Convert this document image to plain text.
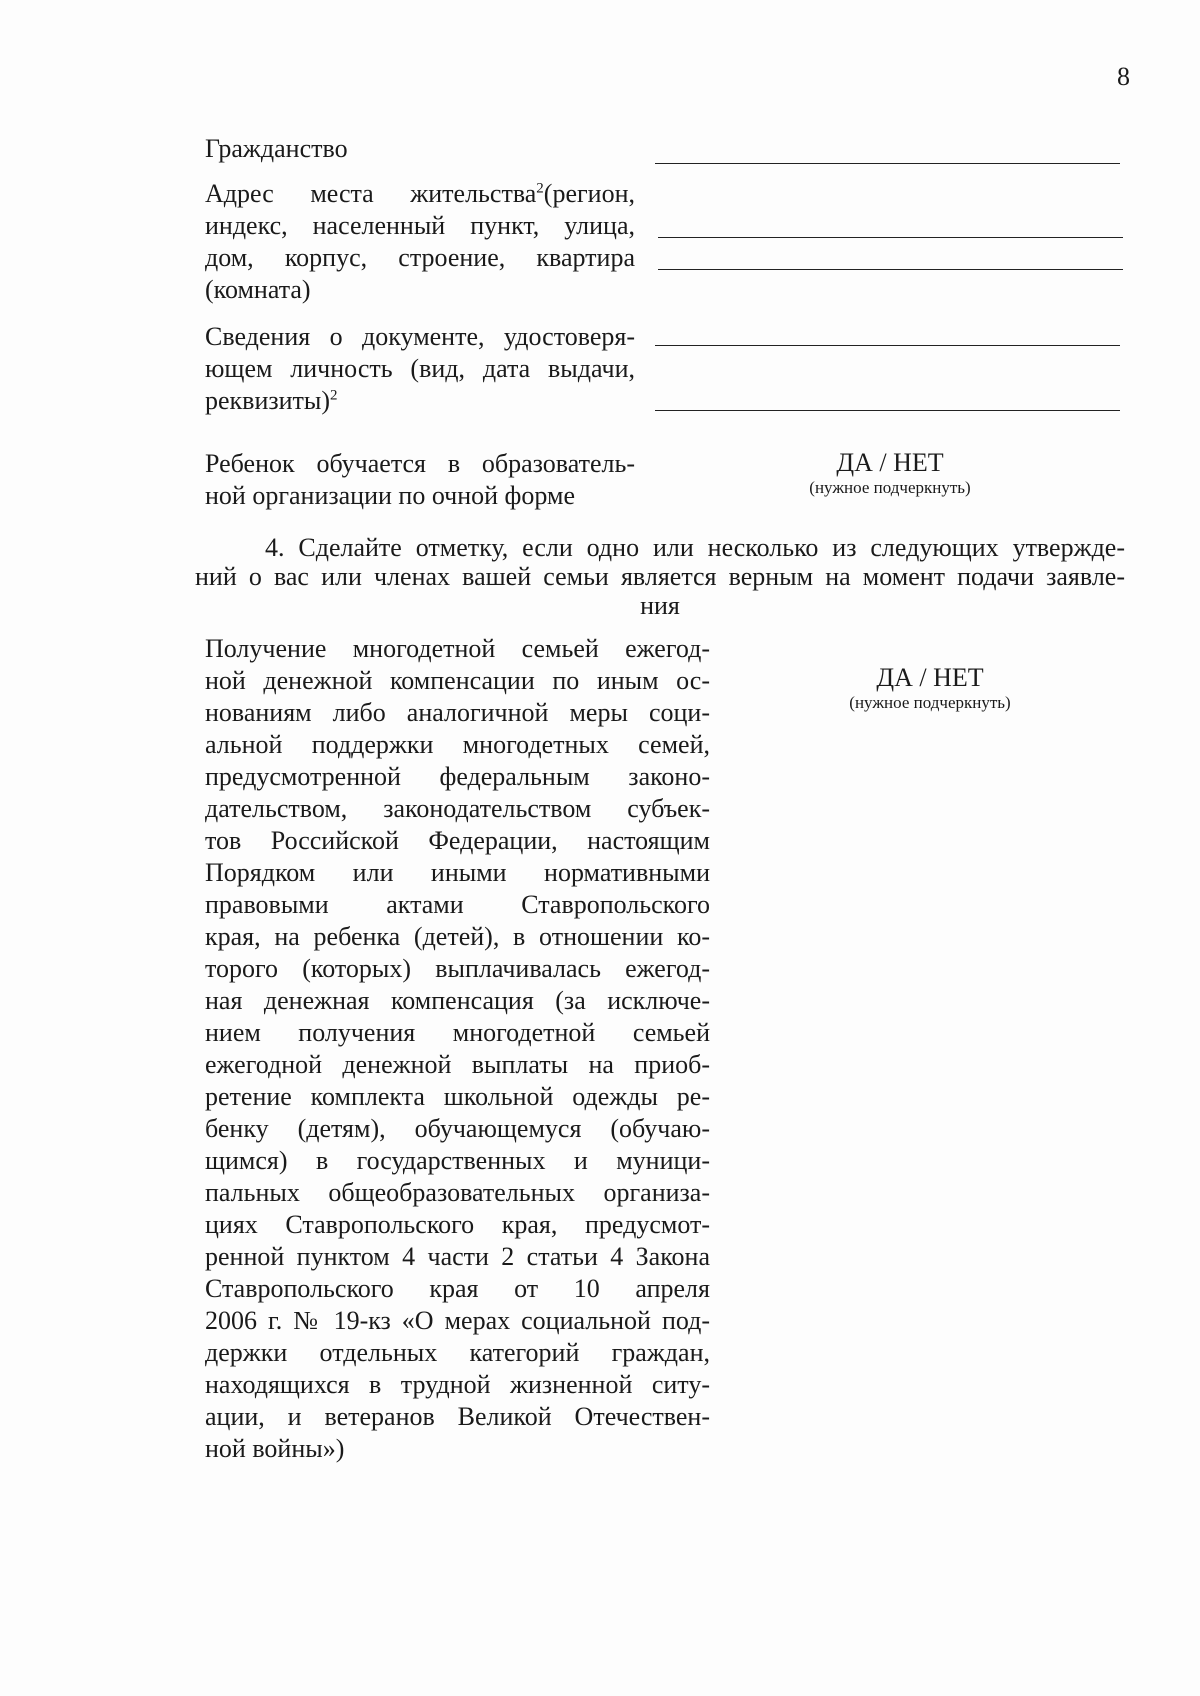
8
Гражданство
Адрес места жительства$^2$(регион,
индекс, населенный пункт, улица,
дом, корпус, строение, квартира
(комната)
Сведения о документе, удостоверя-
ющем личность (вид, дата выдачи,
реквизиты)$^2$
Ребенок обучается в образователь-
ной организации по очной форме
ДА / НЕТ
(нужное подчеркнуть)
4. Сделайте отметку, если одно или несколько из следующих утвержде-
ний о вас или членах вашей семьи является верным на момент подачи заявле-
ния
Получение многодетной семьей ежегод-
ной денежной компенсации по иным ос-
нованиям либо аналогичной меры соци-
альной поддержки многодетных семей,
предусмотренной федеральным законо-
дательством, законодательством субъек-
тов Российской Федерации, настоящим
Порядком или иными нормативными
правовыми актами Ставропольского
края, на ребенка (детей), в отношении ко-
торого (которых) выплачивалась ежегод-
ная денежная компенсация (за исключе-
нием получения многодетной семьей
ежегодной денежной выплаты на приоб-
ретение комплекта школьной одежды ре-
бенку (детям), обучающемуся (обучаю-
щимся) в государственных и муници-
пальных общеобразовательных организа-
циях Ставропольского края, предусмот-
ренной пунктом 4 части 2 статьи 4 Закона
Ставропольского края от 10 апреля
2006 г. № 19-кз «О мерах социальной под-
держки отдельных категорий граждан,
находящихся в трудной жизненной ситу-
ации, и ветеранов Великой Отечествен-
ной войны»)
ДА / НЕТ
(нужное подчеркнуть)
